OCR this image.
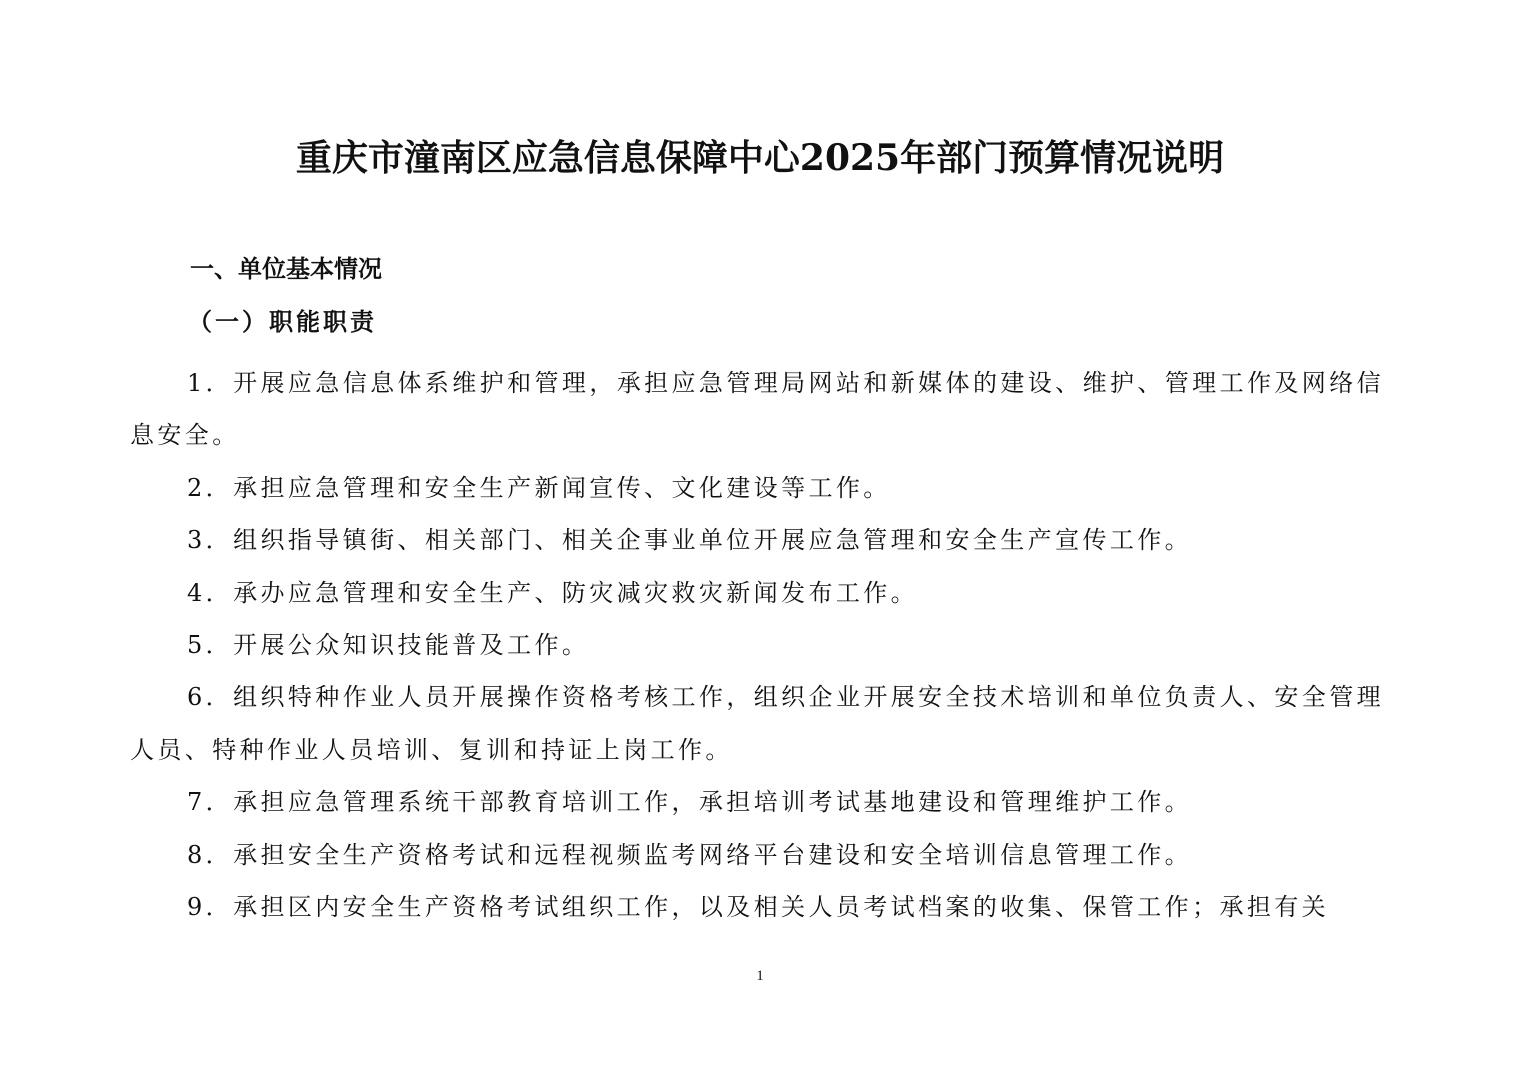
重庆市潼南区应急信息保障中心2025年部门预算情况说明
一、单位基本情况
（一）职能职责

1．开展应急信息体系维护和管理，承担应急管理局网站和新媒体的建设、维护、管理工作及网络信息安全。

2．承担应急管理和安全生产新闻宣传、文化建设等工作。

3．组织指导镇街、相关部门、相关企事业单位开展应急管理和安全生产宣传工作。

4．承办应急管理和安全生产、防灾减灾救灾新闻发布工作。

5．开展公众知识技能普及工作。

6．组织特种作业人员开展操作资格考核工作，组织企业开展安全技术培训和单位负责人、安全管理人员、特种作业人员培训、复训和持证上岗工作。

7．承担应急管理系统干部教育培训工作，承担培训考试基地建设和管理维护工作。

8．承担安全生产资格考试和远程视频监考网络平台建设和安全培训信息管理工作。

9．承担区内安全生产资格考试组织工作，以及相关人员考试档案的收集、保管工作；承担有关

1
